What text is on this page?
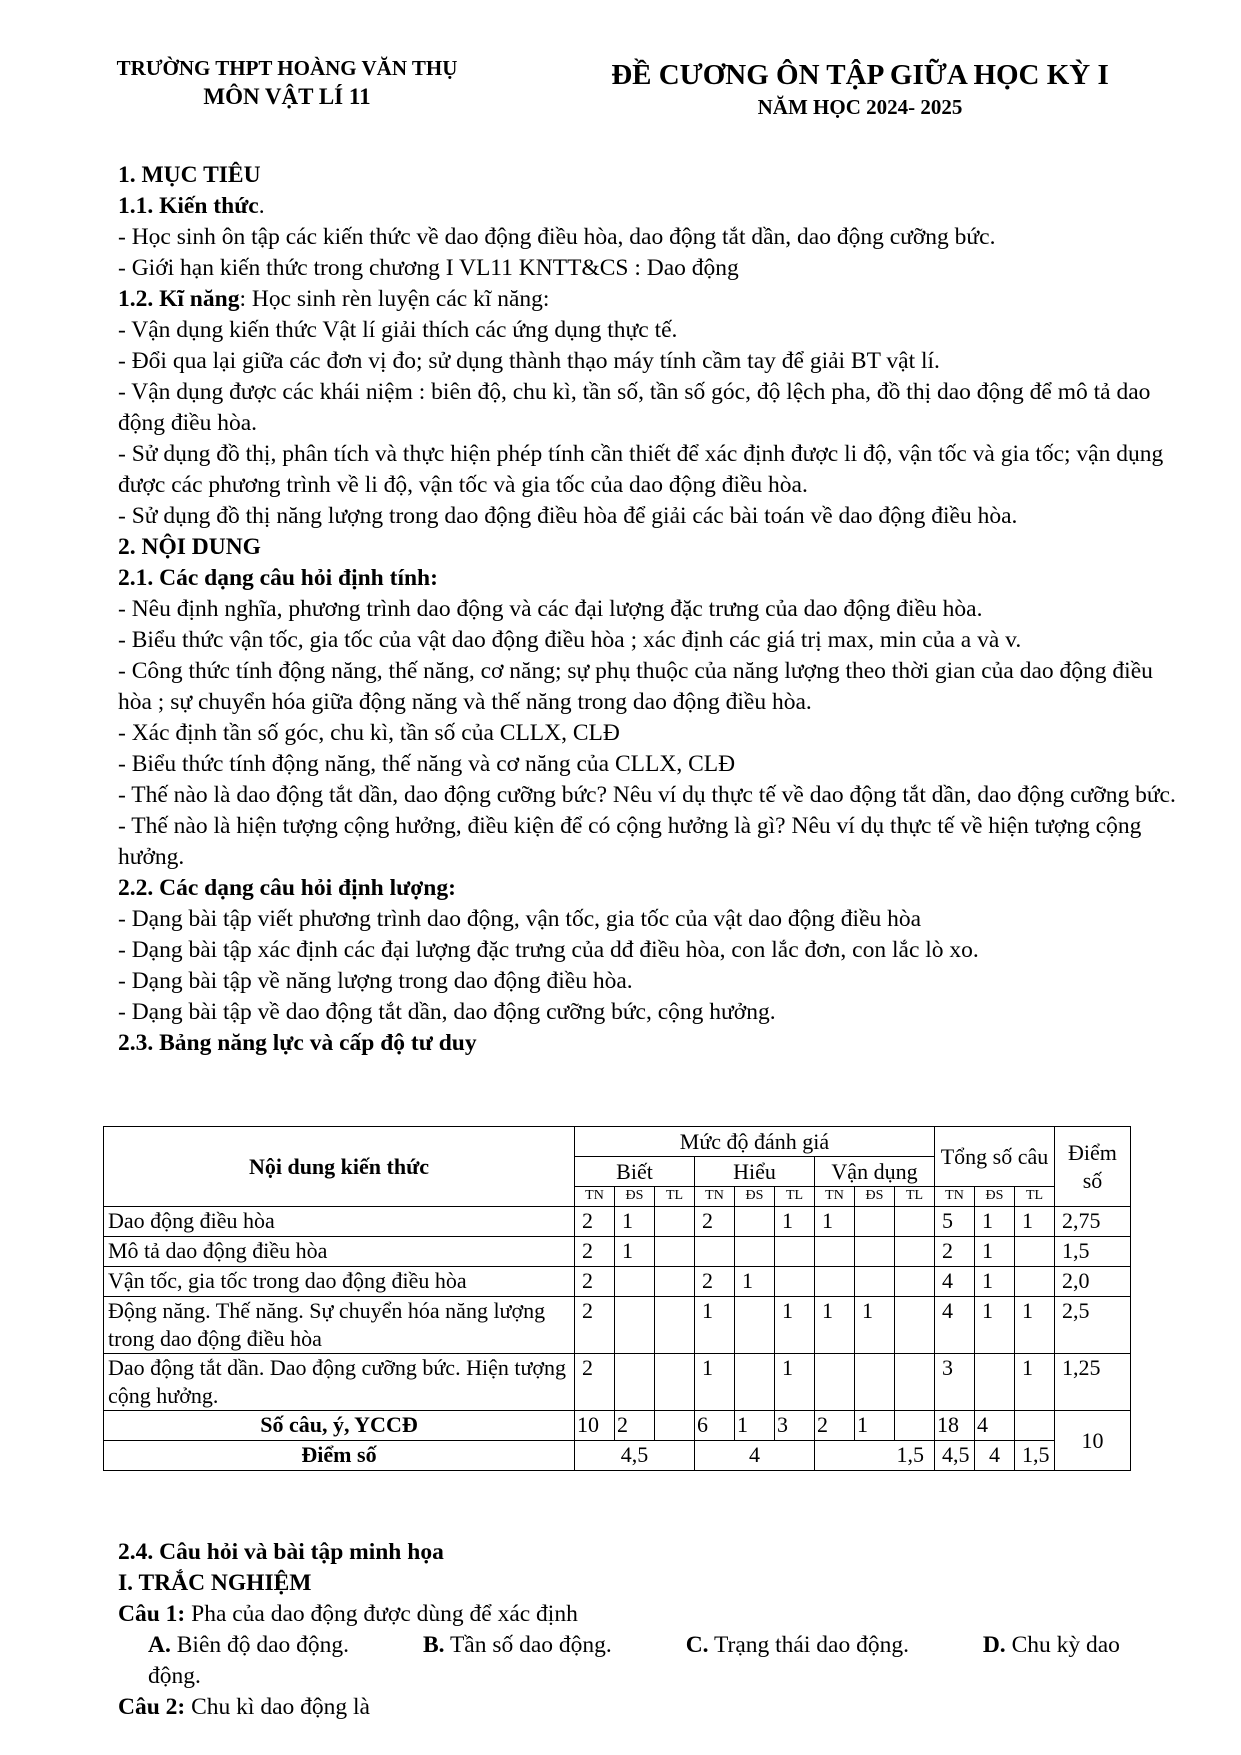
TRƯỜNG THPT HOÀNG VĂN THỤ
MÔN VẬT LÍ 11
ĐỀ CƯƠNG ÔN TẬP GIỮA HỌC KỲ I
NĂM HỌC 2024- 2025

1. MỤC TIÊU

1.1. Kiến thức.

- Học sinh ôn tập các kiến thức về dao động điều hòa, dao động tắt dần, dao động cưỡng bức.

- Giới hạn kiến thức trong chương I VL11 KNTT&CS : Dao động

1.2. Kĩ năng: Học sinh rèn luyện các kĩ năng:

- Vận dụng kiến thức Vật lí giải thích các ứng dụng thực tế.

- Đổi qua lại giữa các đơn vị đo; sử dụng thành thạo máy tính cầm tay để giải BT vật lí.

- Vận dụng được các khái niệm : biên độ, chu kì, tần số, tần số góc, độ lệch pha, đồ thị dao động để mô tả dao động điều hòa.

- Sử dụng đồ thị, phân tích và thực hiện phép tính cần thiết để xác định được li độ, vận tốc và gia tốc; vận dụng được các phương trình về li độ, vận tốc và gia tốc của dao động điều hòa.

- Sử dụng đồ thị năng lượng trong dao động điều hòa để giải các bài toán về dao động điều hòa.

2. NỘI DUNG

2.1. Các dạng câu hỏi định tính:

- Nêu định nghĩa, phương trình dao động và các đại lượng đặc trưng của dao động điều hòa.

- Biểu thức vận tốc, gia tốc của vật dao động điều hòa ; xác định các giá trị max, min của a và v.

- Công thức tính động năng, thế năng, cơ năng; sự phụ thuộc của năng lượng theo thời gian của dao động điều hòa ; sự chuyển hóa giữa động năng và thế năng trong dao động điều hòa.

- Xác định tần số góc, chu kì, tần số của CLLX, CLĐ

- Biểu thức tính động năng, thế năng và cơ năng của CLLX, CLĐ

- Thế nào là dao động tắt dần, dao động cưỡng bức? Nêu ví dụ thực tế về dao động tắt dần, dao động cưỡng bức.

- Thế nào là hiện tượng cộng hưởng, điều kiện để có cộng hưởng là gì? Nêu ví dụ thực tế về hiện tượng cộng hưởng.

2.2. Các dạng câu hỏi định lượng:

- Dạng bài tập viết phương trình dao động, vận tốc, gia tốc của vật dao động điều hòa

- Dạng bài tập xác định các đại lượng đặc trưng của dđ điều hòa, con lắc đơn, con lắc lò xo.

- Dạng bài tập về năng lượng trong dao động điều hòa.

- Dạng bài tập về dao động tắt dần, dao động cưỡng bức, cộng hưởng.

2.3. Bảng năng lực và cấp độ tư duy

Nội dung kiến thức	Mức độ đánh giá									Tổng số câu			Điểm số
	Biết			Hiểu			Vận dụng						
	TN	ĐS	TL	TN	ĐS	TL	TN	ĐS	TL	TN	ĐS	TL	
Dao động điều hòa	2	1		2		1	1			5	1	1	2,75
Mô tả dao động điều hòa	2	1								2	1		1,5
Vận tốc, gia tốc trong dao động điều hòa	2			2	1					4	1		2,0
Động năng. Thế năng. Sự chuyển hóa năng lượng trong dao động điều hòa	2			1		1	1	1		4	1	1	2,5
Dao động tắt dần. Dao động cưỡng bức. Hiện tượng cộng hưởng.	2			1		1				3		1	1,25
Số câu, ý, YCCĐ	10	2		6	1	3	2	1		18	4		10
Điểm số	4,5			4			1,5			4,5	4	1,5	

2.4. Câu hỏi và bài tập minh họa

I. TRẮC NGHIỆM

Câu 1: Pha của dao động được dùng để xác định

A. Biên độ dao động.	B. Tần số dao động.	C. Trạng thái dao động.	D. Chu kỳ dao động.

Câu 2: Chu kì dao động là
